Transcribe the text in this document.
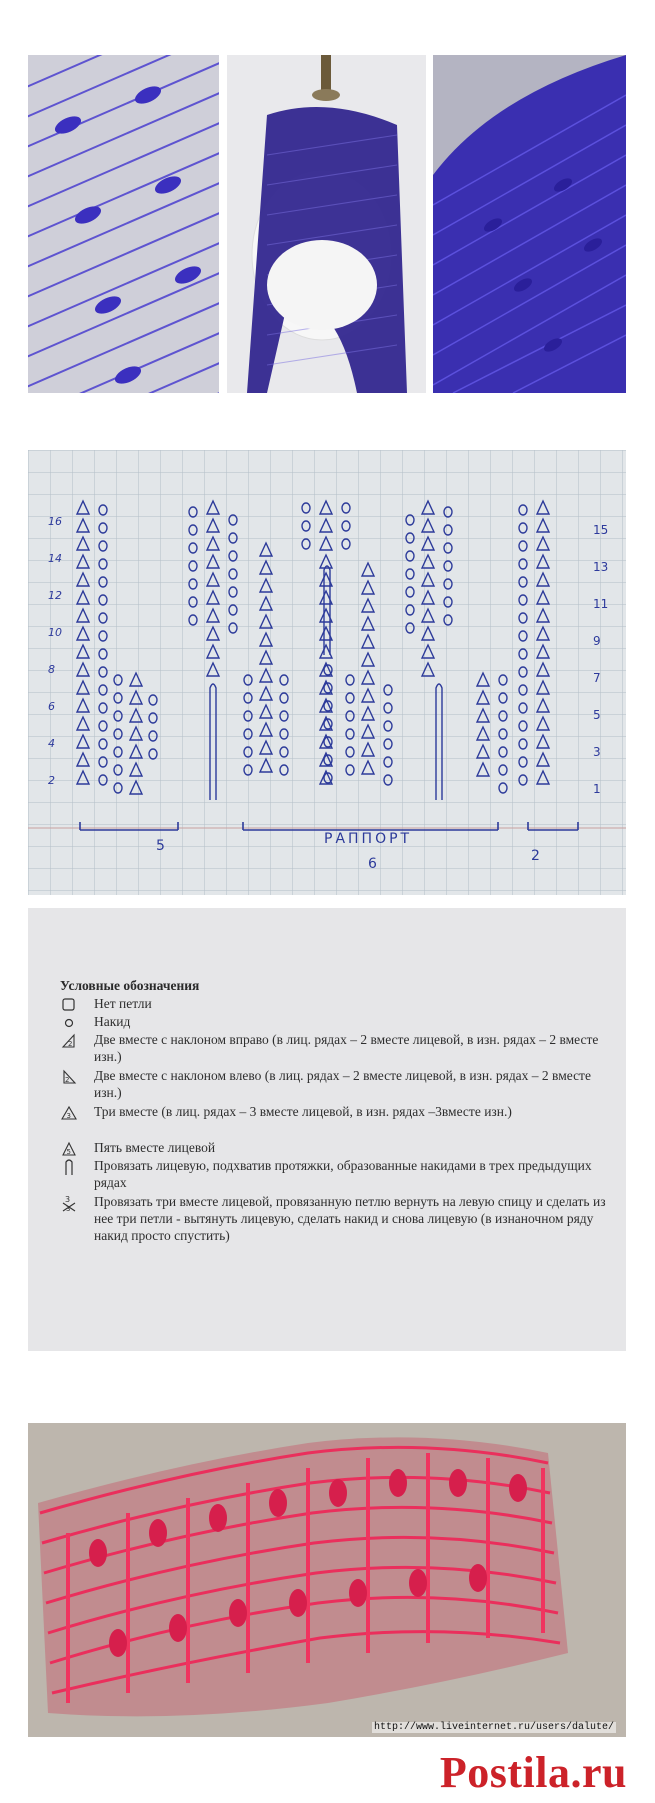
16
14
12
10
8
6
4
2
15
13
11
9
7
5
3
1
5	РАППОРТ
6	2
Условные обозначения
Нет петли
Накид
2	Две вместе с наклоном вправо (в лиц. рядах – 2 вместе лицевой, в изн. рядах – 2 вместе изн.)
2	Две вместе с наклоном влево (в лиц. рядах – 2 вместе лицевой, в изн. рядах – 2 вместе изн.)
3	Три вместе (в лиц. рядах – 3 вместе лицевой, в изн. рядах –3вместе изн.)
5	Пять вместе лицевой
Провязать лицевую, подхватив протяжки, образованные накидами в трех предыдущих рядах
3
3	Провязать три вместе лицевой, провязанную петлю вернуть на левую спицу и сделать из нее три петли - вытянуть лицевую, сделать накид и снова лицевую (в изнаночном ряду накид просто спустить)
http://www.liveinternet.ru/users/dalute/
Postila.ru
